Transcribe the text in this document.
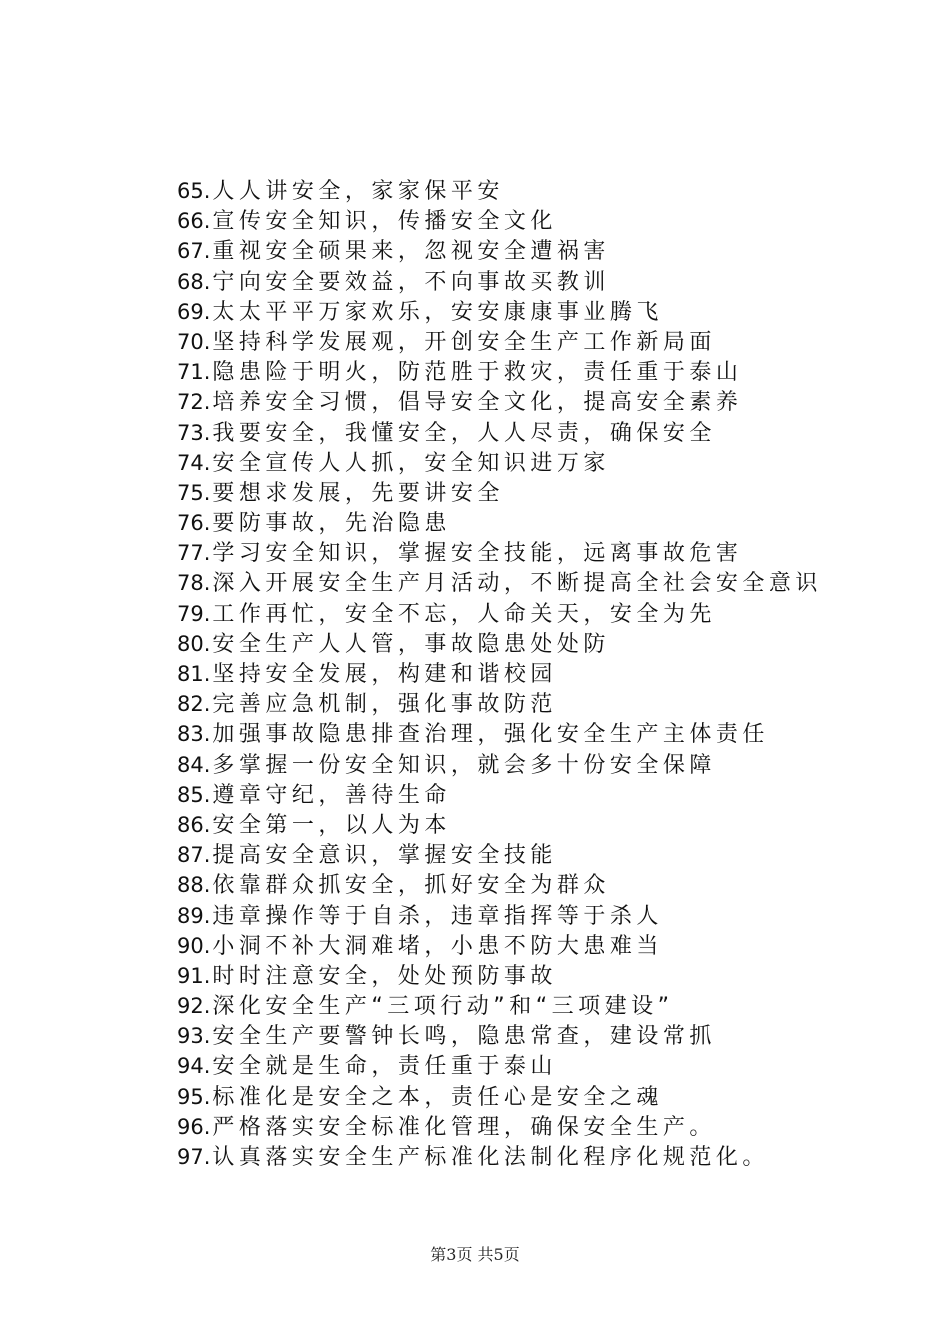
65.人人讲安全，家家保平安
66.宣传安全知识，传播安全文化
67.重视安全硕果来，忽视安全遭祸害
68.宁向安全要效益，不向事故买教训
69.太太平平万家欢乐，安安康康事业腾飞
70.坚持科学发展观，开创安全生产工作新局面
71.隐患险于明火，防范胜于救灾，责任重于泰山
72.培养安全习惯，倡导安全文化，提高安全素养
73.我要安全，我懂安全，人人尽责，确保安全
74.安全宣传人人抓，安全知识进万家
75.要想求发展，先要讲安全
76.要防事故，先治隐患
77.学习安全知识，掌握安全技能，远离事故危害
78.深入开展安全生产月活动，不断提高全社会安全意识
79.工作再忙，安全不忘，人命关天，安全为先
80.安全生产人人管，事故隐患处处防
81.坚持安全发展，构建和谐校园
82.完善应急机制，强化事故防范
83.加强事故隐患排查治理，强化安全生产主体责任
84.多掌握一份安全知识，就会多十份安全保障
85.遵章守纪，善待生命
86.安全第一，以人为本
87.提高安全意识，掌握安全技能
88.依靠群众抓安全，抓好安全为群众
89.违章操作等于自杀，违章指挥等于杀人
90.小洞不补大洞难堵，小患不防大患难当
91.时时注意安全，处处预防事故
92.深化安全生产“三项行动”和“三项建设”
93.安全生产要警钟长鸣，隐患常查，建设常抓
94.安全就是生命，责任重于泰山
95.标准化是安全之本，责任心是安全之魂
96.严格落实安全标准化管理，确保安全生产。
97.认真落实安全生产标准化法制化程序化规范化。
第3页 共5页
